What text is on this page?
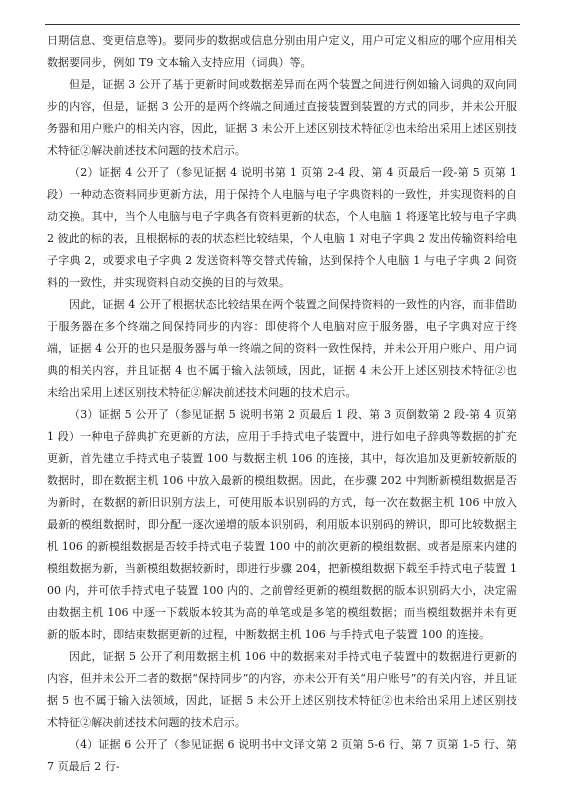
日期信息、变更信息等)。要同步的数据或信息分别由用户定义，用户可定义相应的哪个应用相关数据要同步，例如 T9 文本输入支持应用（词典）等。

但是，证据 3 公开了基于更新时间或数据差异而在两个装置之间进行例如输入词典的双向同步的内容，但是，证据 3 公开的是两个终端之间通过直接装置到装置的方式的同步，并未公开服务器和用户账户的相关内容，因此，证据 3 未公开上述区别技术特征②也未给出采用上述区别技术特征②解决前述技术问题的技术启示。

（2）证据 4 公开了（参见证据 4 说明书第 1 页第 2-4 段、第 4 页最后一段-第 5 页第 1 段）一种动态资料同步更新方法，用于保持个人电脑与电子字典资料的一致性，并实现资料的自动交换。其中，当个人电脑与电子字典各有资料更新的状态，个人电脑 1 将逐笔比较与电子字典 2 彼此的标的表，且根据标的表的状态栏比较结果，个人电脑 1 对电子字典 2 发出传输资料给电子字典 2，或要求电子字典 2 发送资料等交替式传输，达到保持个人电脑 1 与电子字典 2 间资料的一致性，并实现资料自动交换的目的与效果。

因此，证据 4 公开了根据状态比较结果在两个装置之间保持资料的一致性的内容，而非借助于服务器在多个终端之间保持同步的内容：即使将个人电脑对应于服务器，电子字典对应于终端，证据 4 公开的也只是服务器与单一终端之间的资料一致性保持，并未公开用户账户、用户词典的相关内容，并且证据 4 也不属于输入法领域，因此，证据 4 未公开上述区别技术特征②也未给出采用上述区别技术特征②解决前述技术问题的技术启示。

（3）证据 5 公开了（参见证据 5 说明书第 2 页最后 1 段、第 3 页倒数第 2 段-第 4 页第 1 段）一种电子辞典扩充更新的方法，应用于手持式电子装置中，进行如电子辞典等数据的扩充更新，首先建立手持式电子装置 100 与数据主机 106 的连接，其中，每次追加及更新较新版的数据时，即在数据主机 106 中放入最新的模组数据。因此，在步骤 202 中判断新模组数据是否为新时，在数据的新旧识别方法上，可使用版本识别码的方式，每一次在数据主机 106 中放入最新的模组数据时，即分配一逐次递增的版本识别码，利用版本识别码的辨识，即可比较数据主机 106 的新模组数据是否较手持式电子装置 100 中的前次更新的模组数据、或者是原来内建的模组数据为新，当新模组数据较新时，即进行步骤 204，把新模组数据下载至手持式电子装置 100 内，并可依手持式电子装置 100 内的、之前曾经更新的模组数据的版本识别码大小，决定需由数据主机 106 中逐一下载版本较其为高的单笔或是多笔的模组数据；而当模组数据并未有更新的版本时，即结束数据更新的过程，中断数据主机 106 与手持式电子装置 100 的连接。

因此，证据 5 公开了利用数据主机 106 中的数据来对手持式电子装置中的数据进行更新的内容，但并未公开二者的数据“保持同步”的内容，亦未公开有关“用户账号”的有关内容，并且证据 5 也不属于输入法领域，因此，证据 5 未公开上述区别技术特征②也未给出采用上述区别技术特征②解决前述技术问题的技术启示。

（4）证据 6 公开了（参见证据 6 说明书中文译文第 2 页第 5-6 行、第 7 页第 1-5 行、第 7 页最后 2 行-
